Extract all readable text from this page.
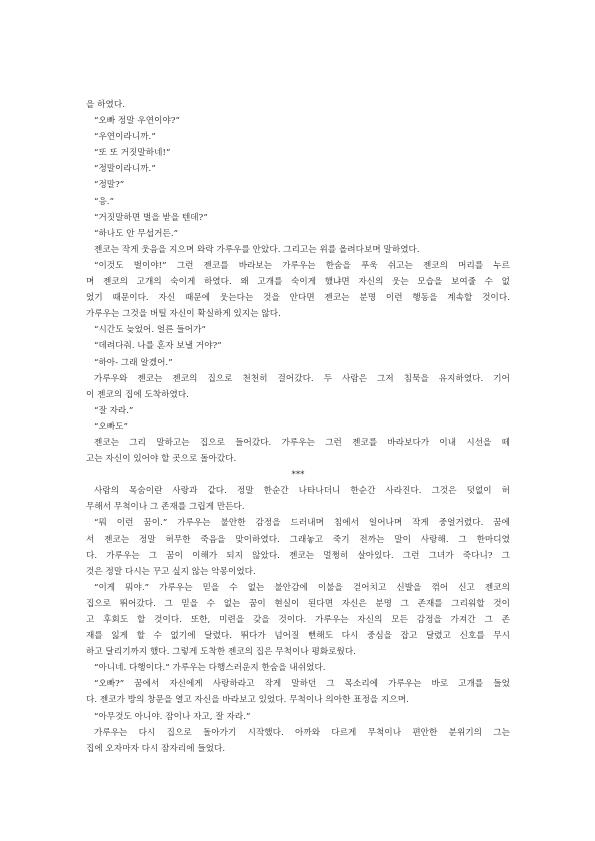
을 하였다.
“오빠 정말 우연이야?”
“우연이라니까.”
“또 또 거짓말하네!”
“정말이라니까.”
“정말?”
“응.”
“거짓말하면 벌을 받을 텐데?”
“하나도 안 무섭거든.”
젠코는 작게 웃음을 지으며 와락 가루우를 안았다. 그리고는 위를 올려다보며 말하였다.
“이것도 벌이야!” 그런 젠코를 바라보는 가루우는 한숨을 푸욱 쉬고는 젠코의 머리를 누르
며 젠코의 고개의 숙이게 하였다. 왜 고개를 숙이게 했냐면 자신의 웃는 모습을 보여줄 수 없
었기 때문이다. 자신 때문에 웃는다는 것을 안다면 젠코는 분명 이런 행동을 계속할 것이다.
가루우는 그것을 버틸 자신이 확실하게 있지는 않다.
“시간도 늦었어. 얼른 들어가”
“데려다줘. 나를 혼자 보낼 거야?”
“하아- 그래 알겠어.”
가루우와 젠코는 젠코의 집으로 천천히 걸어갔다. 두 사람은 그저 침묵을 유지하였다. 기어
이 젠코의 집에 도착하였다.
“잘 자라.”
“오빠도”
젠코는 그리 말하고는 집으로 들어갔다. 가루우는 그런 젠코를 바라보다가 이내 시선을 떼
고는 자신이 있어야 할 곳으로 돌아갔다.
***
사람의 목숨이란 사랑과 같다. 정말 한순간 나타나더니 한순간 사라진다. 그것은 덧없이 허
무해서 무척이나 그 존재를 그립게 만든다.
“뭐 이런 꿈이.” 가루우는 불안한 감정을 드러내며 침에서 일어나며 작게 중얼거렸다. 꿈에
서 젠코는 정말 허무한 죽음을 맞이하였다. 그래놓고 죽기 전까는 말이 사랑해. 그 한마디였
다. 가루우는 그 꿈이 이해가 되지 않았다. 젠코는 멀쩡히 살아있다. 그런 그녀가 죽다니? 그
것은 정말 다시는 꾸고 싶지 않는 악몽이었다.
“이게 뭐야.” 가루우는 믿을 수 없는 불안감에 이불을 걷어치고 신발을 꺾어 신고 젠코의
집으로 뛰어갔다. 그 믿을 수 없는 꿈이 현실이 된다면 자신은 분명 그 존재를 그리워할 것이
고 후회도 할 것이다. 또한, 미련을 갖을 것이다. 가루우는 자신의 모든 감정을 가져간 그 존
재를 잃게 할 수 없기에 달렸다. 뛰다가 넘어질 뻔해도 다시 중심을 잡고 달렸고 신호를 무시
하고 달리기까지 했다. 그렇게 도착한 젠코의 집은 무척이나 평화로웠다.
“아니네. 다행이다.” 가루우는 다행스러운지 한숨을 내쉬었다.
“오빠?” 꿈에서 자신에게 사랑하라고 작게 말하던 그 목소리에 가루우는 바로 고개를 들었
다. 젠코가 방의 창문을 열고 자신을 바라보고 있었다. 무척이나 의아한 표정을 지으며.
“아무것도 아니야. 잠이나 자고, 잘 자라.”
가루우는 다시 집으로 돌아가기 시작했다. 아까와 다르게 무척이나 편안한 분위기의 그는
집에 오자마자 다시 잠자리에 들었다.
